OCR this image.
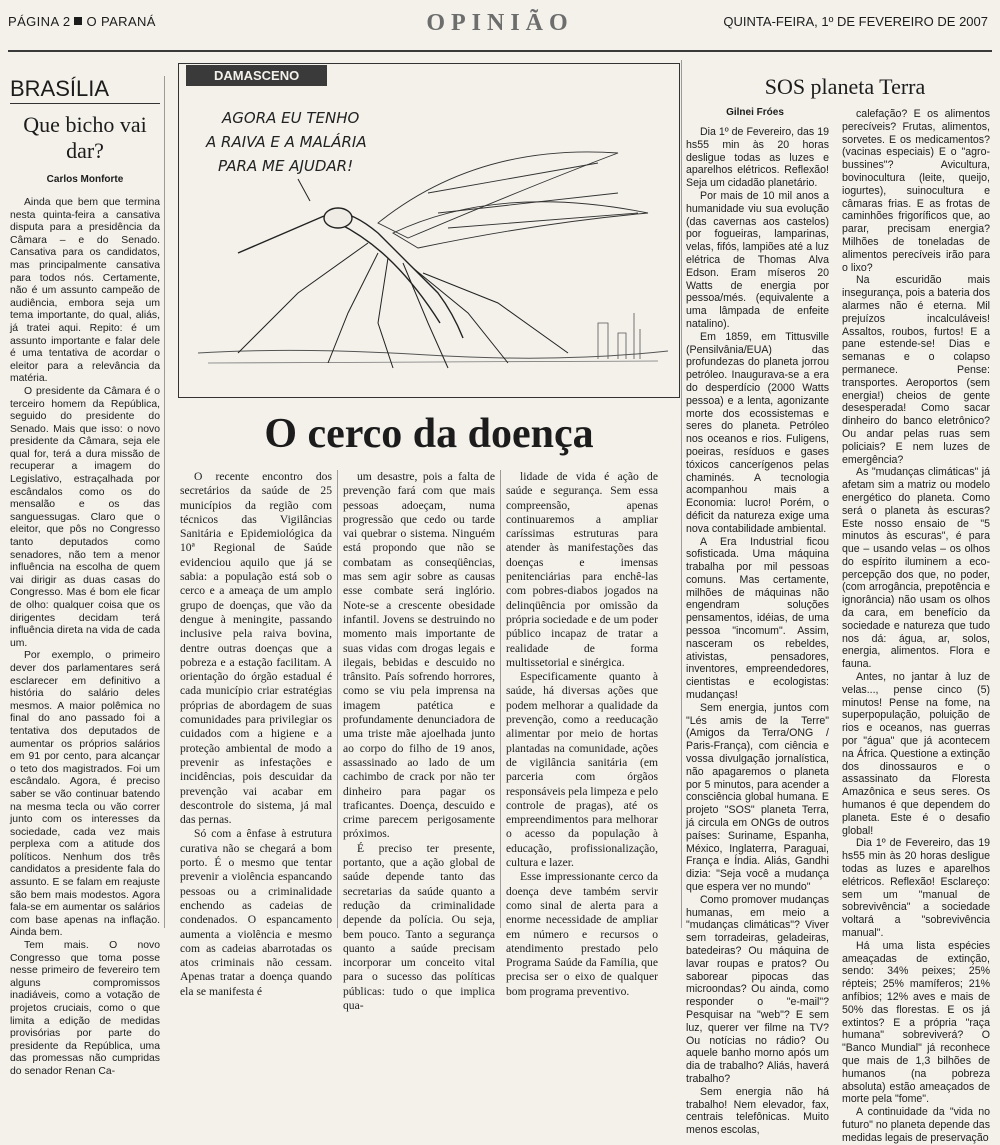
PÁGINA 2 O PARANÁ	OPINIÃO	QUINTA-FEIRA, 1º DE FEVEREIRO DE 2007
BRASÍLIA
Que bicho vai dar?
Carlos Monforte

Ainda que bem que termina nesta quinta-feira a cansativa disputa para a presidência da Câmara – e do Senado. Cansativa para os candidatos, mas principalmente cansativa para todos nós. Certamente, não é um assunto campeão de audiência, embora seja um tema importante, do qual, aliás, já tratei aqui. Repito: é um assunto importante e falar dele é uma tentativa de acordar o eleitor para a relevância da matéria.

O presidente da Câmara é o terceiro homem da República, seguido do presidente do Senado. Mais que isso: o novo presidente da Câmara, seja ele qual for, terá a dura missão de recuperar a imagem do Legislativo, estraçalhada por escândalos como os do mensalão e os das sanguessugas. Claro que o eleitor, que pôs no Congresso tanto deputados como senadores, não tem a menor influência na escolha de quem vai dirigir as duas casas do Congresso. Mas é bom ele ficar de olho: qualquer coisa que os dirigentes decidam terá influência direta na vida de cada um.

Por exemplo, o primeiro dever dos parlamentares será esclarecer em definitivo a história do salário deles mesmos. A maior polêmica no final do ano passado foi a tentativa dos deputados de aumentar os próprios salários em 91 por cento, para alcançar o teto dos magistrados. Foi um escândalo. Agora, é preciso saber se vão continuar batendo na mesma tecla ou vão correr junto com os interesses da sociedade, cada vez mais perplexa com a atitude dos políticos. Nenhum dos três candidatos a presidente fala do assunto. E se falam em reajuste são bem mais modestos. Agora fala-se em aumentar os salários com base apenas na inflação. Ainda bem.

Tem mais. O novo Congresso que toma posse nesse primeiro de fevereiro tem alguns compromissos inadiáveis, como a votação de projetos cruciais, como o que limita a edição de medidas provisórias por parte do presidente da República, uma das promessas não cumpridas do senador Renan Ca-

AGORA EU TENHO
A RAIVA E A MALÁRIA
PARA ME AJUDAR!
DAMASCENO
O cerco da doença

O recente encontro dos secretários da saúde de 25 municípios da região com técnicos das Vigilâncias Sanitária e Epidemiológica da 10ª Regional de Saúde evidenciou aquilo que já se sabia: a população está sob o cerco e a ameaça de um amplo grupo de doenças, que vão da dengue à meningite, passando inclusive pela raiva bovina, dentre outras doenças que a pobreza e a estação facilitam. A orientação do órgão estadual é cada município criar estratégias próprias de abordagem de suas comunidades para privilegiar os cuidados com a higiene e a proteção ambiental de modo a prevenir as infestações e incidências, pois descuidar da prevenção vai acabar em descontrole do sistema, já mal das pernas.

Só com a ênfase à estrutura curativa não se chegará a bom porto. É o mesmo que tentar prevenir a violência espancando pessoas ou a criminalidade enchendo as cadeias de condenados. O espancamento aumenta a violência e mesmo com as cadeias abarrotadas os atos criminais não cessam. Apenas tratar a doença quando ela se manifesta é

um desastre, pois a falta de prevenção fará com que mais pessoas adoeçam, numa progressão que cedo ou tarde vai quebrar o sistema. Ninguém está propondo que não se combatam as conseqüências, mas sem agir sobre as causas esse combate será inglório. Note-se a crescente obesidade infantil. Jovens se destruindo no momento mais importante de suas vidas com drogas legais e ilegais, bebidas e descuido no trânsito. País sofrendo horrores, como se viu pela imprensa na imagem patética e profundamente denunciadora de uma triste mãe ajoelhada junto ao corpo do filho de 19 anos, assassinado ao lado de um cachimbo de crack por não ter dinheiro para pagar os traficantes. Doença, descuido e crime parecem perigosamente próximos.

É preciso ter presente, portanto, que a ação global de saúde depende tanto das secretarias da saúde quanto a redução da criminalidade depende da polícia. Ou seja, bem pouco. Tanto a segurança quanto a saúde precisam incorporar um conceito vital para o sucesso das políticas públicas: tudo o que implica qua-

lidade de vida é ação de saúde e segurança. Sem essa compreensão, apenas continuaremos a ampliar caríssimas estruturas para atender às manifestações das doenças e imensas penitenciárias para enchê-las com pobres-diabos jogados na delinqüência por omissão da própria sociedade e de um poder público incapaz de tratar a realidade de forma multissetorial e sinérgica.

Especificamente quanto à saúde, há diversas ações que podem melhorar a qualidade da prevenção, como a reeducação alimentar por meio de hortas plantadas na comunidade, ações de vigilância sanitária (em parceria com órgãos responsáveis pela limpeza e pelo controle de pragas), até os empreendimentos para melhorar o acesso da população à educação, profissionalização, cultura e lazer.

Esse impressionante cerco da doença deve também servir como sinal de alerta para a enorme necessidade de ampliar em número e recursos o atendimento prestado pelo Programa Saúde da Família, que precisa ser o eixo de qualquer bom programa preventivo.

SOS planeta Terra
Gilnei Fróes

Dia 1º de Fevereiro, das 19 hs55 min às 20 horas desligue todas as luzes e aparelhos elétricos. Reflexão! Seja um cidadão planetário.

Por mais de 10 mil anos a humanidade viu sua evolução (das cavernas aos castelos) por fogueiras, lamparinas, velas, fifós, lampiões até a luz elétrica de Thomas Alva Edson. Eram míseros 20 Watts de energia por pessoa/més. (equivalente a uma lâmpada de enfeite natalino).

Em 1859, em Tittusville (Pensilvânia/EUA) das profundezas do planeta jorrou petróleo. Inaugurava-se a era do desperdício (2000 Watts pessoa) e a lenta, agonizante morte dos ecossistemas e seres do planeta. Petróleo nos oceanos e rios. Fuligens, poeiras, resíduos e gases tóxicos cancerígenos pelas chaminés. A tecnologia acompanhou mais a Economia: lucro! Porém, o déficit da natureza exige uma nova contabilidade ambiental.

A Era Industrial ficou sofisticada. Uma máquina trabalha por mil pessoas comuns. Mas certamente, milhões de máquinas não engendram soluções pensamentos, idéias, de uma pessoa "incomum". Assim, nasceram os rebeldes, ativistas, pensadores, inventores, empreendedores, cientistas e ecologistas: mudanças!

Sem energia, juntos com "Lés amis de la Terre" (Amigos da Terra/ONG / Paris-França), com ciência e vossa divulgação jornalística, não apagaremos o planeta por 5 minutos, para acender a consciência global humana. E projeto "SOS" planeta Terra, já circula em ONGs de outros países: Suriname, Espanha, México, Inglaterra, Paraguai, França e Índia. Aliás, Gandhi dizia: "Seja você a mudança que espera ver no mundo"

Como promover mudanças humanas, em meio a "mudanças climáticas"? Viver sem torradeiras, geladeiras, batedeiras? Ou máquina de lavar roupas e pratos? Ou saborear pipocas das microondas? Ou ainda, como responder o "e-mail"? Pesquisar na "web"? E sem luz, querer ver filme na TV? Ou notícias no rádio? Ou aquele banho morno após um dia de trabalho? Aliás, haverá trabalho?

Sem energia não há trabalho! Nem elevador, fax, centrais telefônicas. Muito menos escolas,

calefação? E os alimentos perecíveis? Frutas, alimentos, sorvetes. E os medicamentos? (vacinas especiais) E o "agro-bussines"? Avicultura, bovinocultura (leite, queijo, iogurtes), suinocultura e câmaras frias. E as frotas de caminhões frigoríficos que, ao parar, precisam energia? Milhões de toneladas de alimentos perecíveis irão para o lixo?

Na escuridão mais insegurança, pois a bateria dos alarmes não é eterna. Mil prejuízos incalculáveis! Assaltos, roubos, furtos! E a pane estende-se! Dias e semanas e o colapso permanece. Pense: transportes. Aeroportos (sem energia!) cheios de gente desesperada! Como sacar dinheiro do banco eletrônico? Ou andar pelas ruas sem policiais? E nem luzes de emergência?

As "mudanças climáticas" já afetam sim a matriz ou modelo energético do planeta. Como será o planeta às escuras? Este nosso ensaio de "5 minutos às escuras", é para que – usando velas – os olhos do espírito iluminem a eco-percepção dos que, no poder, (com arrogância, prepotência e ignorância) não usam os olhos da cara, em benefício da sociedade e natureza que tudo nos dá: água, ar, solos, energia, alimentos. Flora e fauna.

Antes, no jantar à luz de velas..., pense cinco (5) minutos! Pense na fome, na superpopulação, poluição de rios e oceanos, nas guerras por "água" que já acontecem na África. Questione a extinção dos dinossauros e o assassinato da Floresta Amazônica e seus seres. Os humanos é que dependem do planeta. Este é o desafio global!

Dia 1º de Fevereiro, das 19 hs55 min às 20 horas desligue todas as luzes e aparelhos elétricos. Reflexão! Esclareço: sem um "manual de sobrevivência" a sociedade voltará a "sobrevivência manual".

Há uma lista espécies ameaçadas de extinção, sendo: 34% peixes; 25% répteis; 25% mamíferos; 21% anfíbios; 12% aves e mais de 50% das florestas. E os já extintos? E a própria "raça humana" sobreviverá? O "Banco Mundial" já reconhece que mais de 1,3 bilhões de humanos (na pobreza absoluta) estão ameaçados de morte pela "fome".

A continuidade da "vida no futuro" no planeta depende das medidas legais de preservação
